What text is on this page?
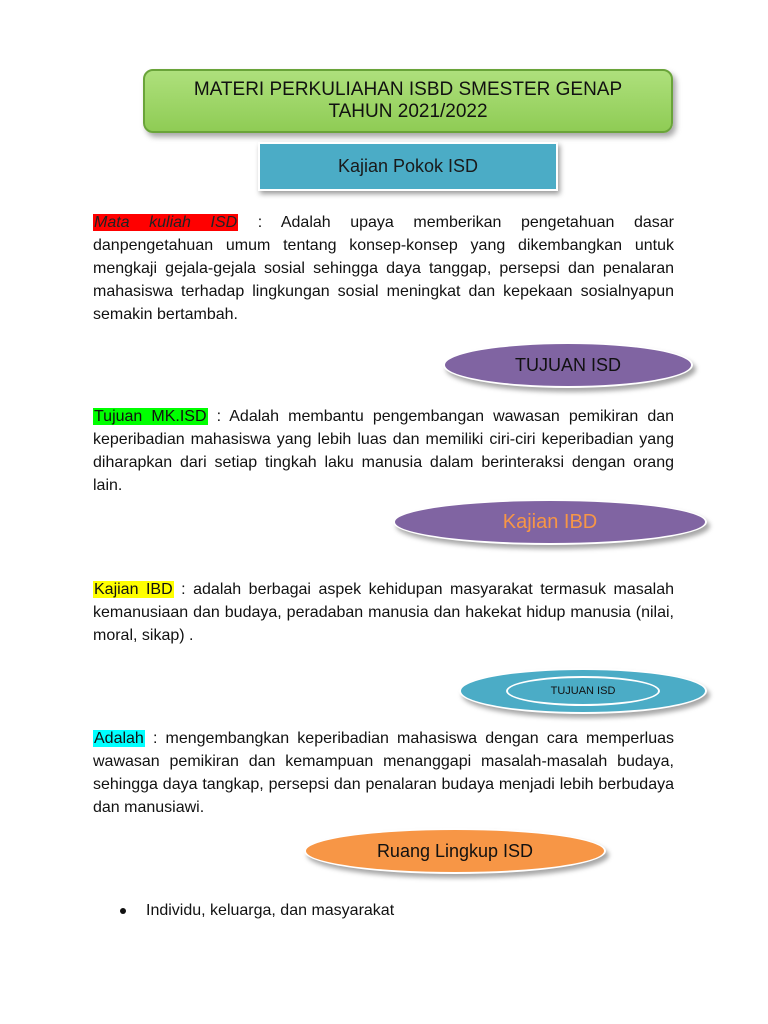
MATERI PERKULIAHAN ISBD SMESTER GENAP
TAHUN 2021/2022
Kajian Pokok ISD
Mata kuliah ISD : Adalah upaya memberikan pengetahuan dasar danpengetahuan umum tentang konsep-konsep yang dikembangkan untuk mengkaji gejala-gejala sosial sehingga daya tanggap, persepsi dan penalaran mahasiswa terhadap lingkungan sosial meningkat dan kepekaan sosialnyapun semakin bertambah.
TUJUAN ISD
Tujuan MK.ISD : Adalah membantu pengembangan wawasan pemikiran dan keperibadian mahasiswa yang lebih luas dan memiliki ciri-ciri keperibadian yang diharapkan dari setiap tingkah laku manusia dalam berinteraksi dengan orang lain.
Kajian IBD
Kajian IBD : adalah berbagai aspek kehidupan masyarakat termasuk masalah kemanusiaan dan budaya, peradaban manusia dan hakekat hidup manusia (nilai, moral, sikap) .
TUJUAN ISD
Adalah : mengembangkan keperibadian mahasiswa dengan cara memperluas wawasan pemikiran dan kemampuan menanggapi masalah-masalah budaya, sehingga daya tangkap, persepsi dan penalaran budaya menjadi lebih berbudaya dan manusiawi.
Ruang Lingkup ISD
Individu, keluarga, dan masyarakat
